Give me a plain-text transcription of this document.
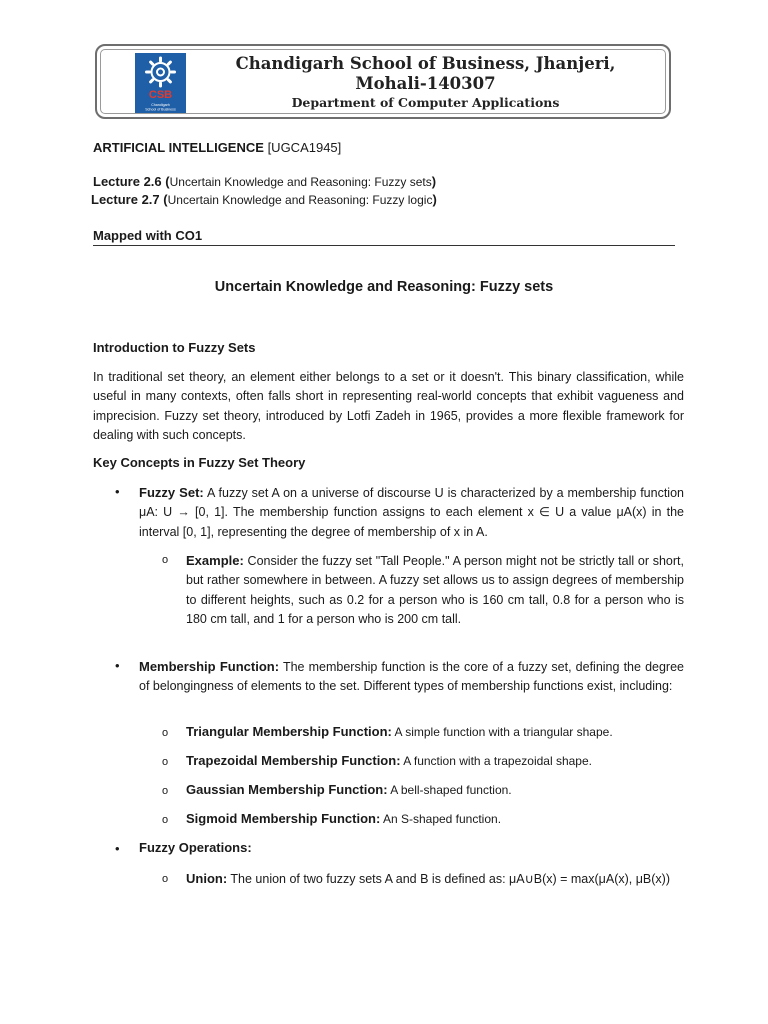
CSB
Chandigarh
School of Business
Chandigarh School of Business, Jhanjeri,
Mohali-140307
Department of Computer Applications
ARTIFICIAL INTELLIGENCE [UGCA1945]
Lecture 2.6 (Uncertain Knowledge and Reasoning: Fuzzy sets)
Lecture 2.7 (Uncertain Knowledge and Reasoning: Fuzzy logic)
Mapped with CO1
Uncertain Knowledge and Reasoning: Fuzzy sets
Introduction to Fuzzy Sets
In traditional set theory, an element either belongs to a set or it doesn't. This binary classification, while useful in many contexts, often falls short in representing real-world concepts that exhibit vagueness and imprecision. Fuzzy set theory, introduced by Lotfi Zadeh in 1965, provides a more flexible framework for dealing with such concepts.
Key Concepts in Fuzzy Set Theory
• Fuzzy Set: A fuzzy set A on a universe of discourse U is characterized by a membership function μA: U → [0, 1]. The membership function assigns to each element x ∈ U a value μA(x) in the interval [0, 1], representing the degree of membership of x in A.
o Example: Consider the fuzzy set "Tall People." A person might not be strictly tall or short, but rather somewhere in between. A fuzzy set allows us to assign degrees of membership to different heights, such as 0.2 for a person who is 160 cm tall, 0.8 for a person who is 180 cm tall, and 1 for a person who is 200 cm tall.
• Membership Function: The membership function is the core of a fuzzy set, defining the degree of belongingness of elements to the set. Different types of membership functions exist, including:
o Triangular Membership Function: A simple function with a triangular shape.
o Trapezoidal Membership Function: A function with a trapezoidal shape.
o Gaussian Membership Function: A bell-shaped function.
o Sigmoid Membership Function: An S-shaped function.
• Fuzzy Operations:
o Union: The union of two fuzzy sets A and B is defined as: μA∪B(x) = max(μA(x), μB(x))
